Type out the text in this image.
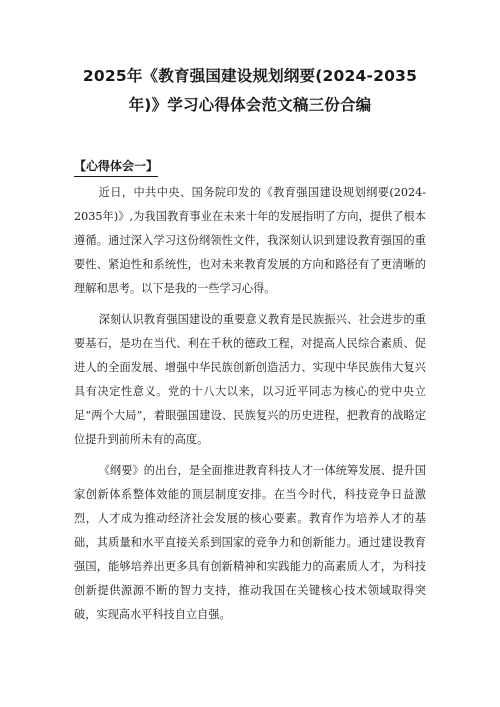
2025年《教育强国建设规划纲要(2024-2035年)》学习心得体会范文稿三份合编
【心得体会一】

近日，中共中央、国务院印发的《教育强国建设规划纲要(2024-2035年)》,为我国教育事业在未来十年的发展指明了方向，提供了根本遵循。通过深入学习这份纲领性文件，我深刻认识到建设教育强国的重要性、紧迫性和系统性，也对未来教育发展的方向和路径有了更清晰的理解和思考。以下是我的一些学习心得。

深刻认识教育强国建设的重要意义教育是民族振兴、社会进步的重要基石，是功在当代、利在千秋的德政工程，对提高人民综合素质、促进人的全面发展、增强中华民族创新创造活力、实现中华民族伟大复兴具有决定性意义。党的十八大以来，以习近平同志为核心的党中央立足“两个大局”，着眼强国建设、民族复兴的历史进程，把教育的战略定位提升到前所未有的高度。

《纲要》的出台，是全面推进教育科技人才一体统筹发展、提升国家创新体系整体效能的顶层制度安排。在当今时代，科技竞争日益激烈，人才成为推动经济社会发展的核心要素。教育作为培养人才的基础，其质量和水平直接关系到国家的竞争力和创新能力。通过建设教育强国，能够培养出更多具有创新精神和实践能力的高素质人才，为科技创新提供源源不断的智力支持，推动我国在关键核心技术领域取得突破，实现高水平科技自立自强。
